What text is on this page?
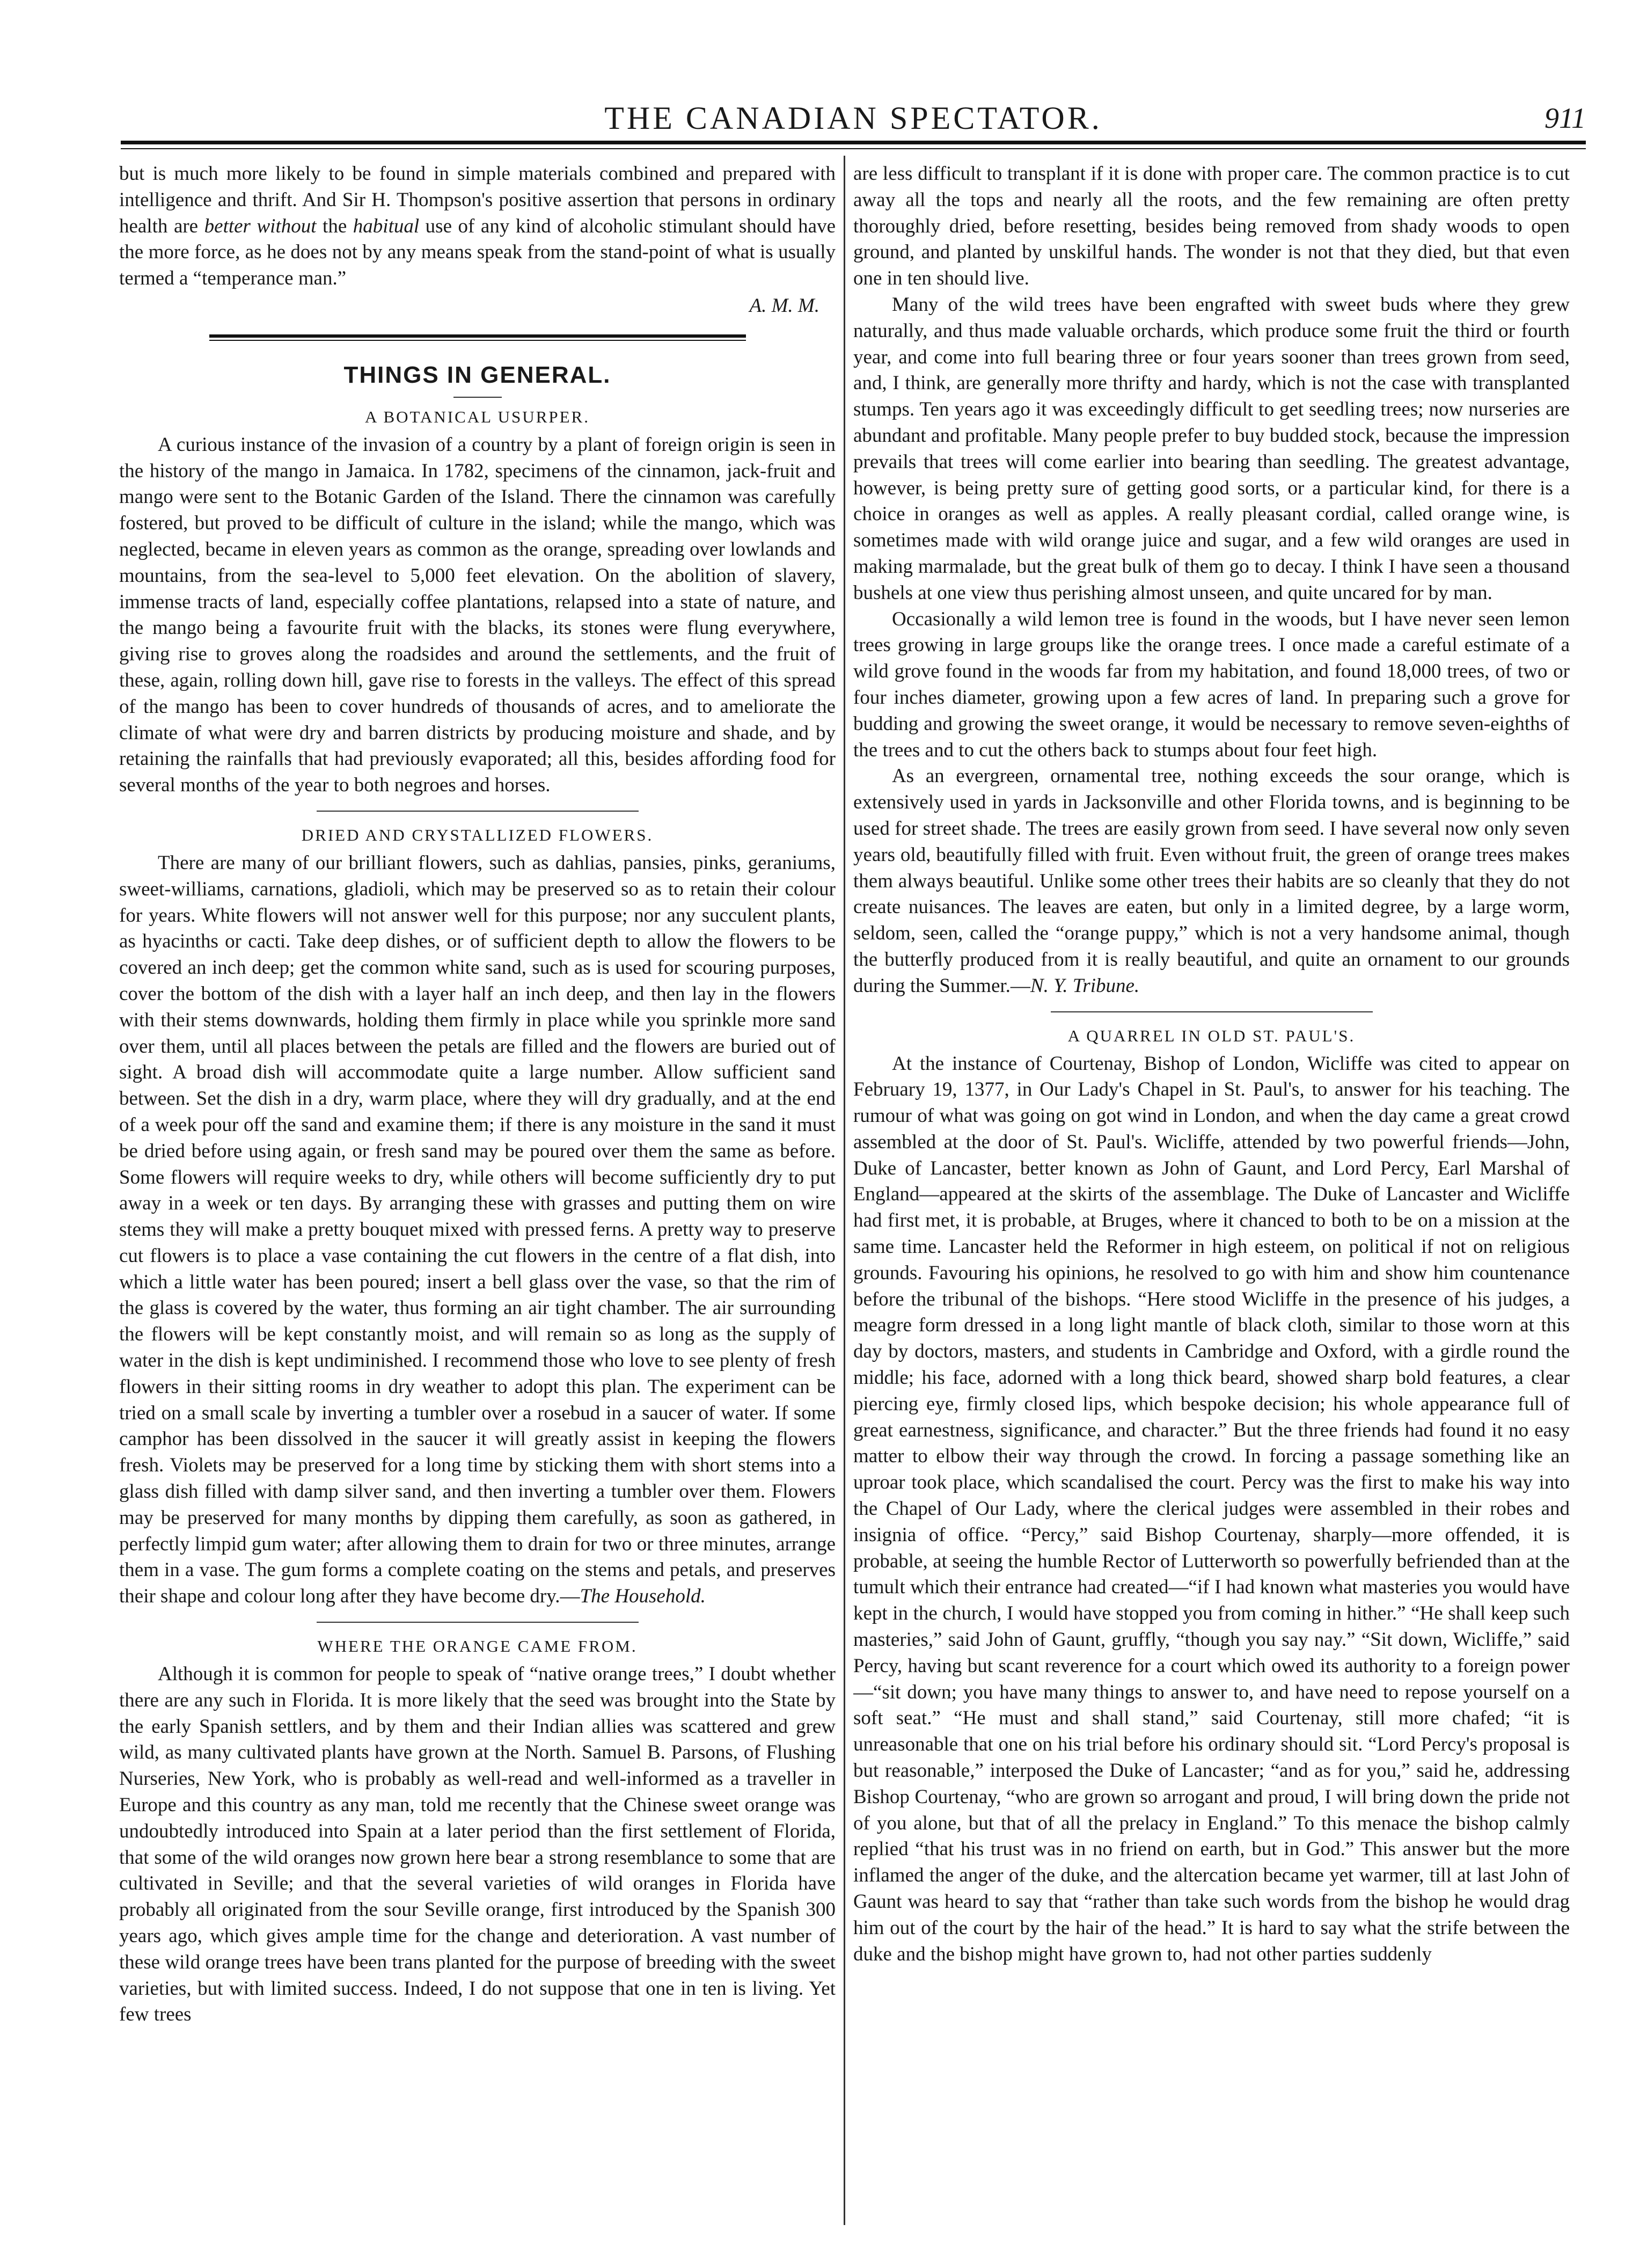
THE CANADIAN SPECTATOR.	911

but is much more likely to be found in simple materials combined and prepared with intelligence and thrift. And Sir H. Thompson's positive assertion that persons in ordinary health are better without the habitual use of any kind of alcoholic stimulant should have the more force, as he does not by any means speak from the stand-point of what is usually termed a “temperance man.”

A. M. M.
THINGS IN GENERAL.
A BOTANICAL USURPER.

A curious instance of the invasion of a country by a plant of foreign origin is seen in the history of the mango in Jamaica. In 1782, specimens of the cinnamon, jack-fruit and mango were sent to the Botanic Garden of the Island. There the cinnamon was carefully fostered, but proved to be difficult of culture in the island; while the mango, which was neglected, became in eleven years as common as the orange, spreading over lowlands and mountains, from the sea-level to 5,000 feet elevation. On the abolition of slavery, immense tracts of land, especially coffee plantations, relapsed into a state of nature, and the mango being a favourite fruit with the blacks, its stones were flung everywhere, giving rise to groves along the roadsides and around the settlements, and the fruit of these, again, rolling down hill, gave rise to forests in the valleys. The effect of this spread of the mango has been to cover hundreds of thousands of acres, and to ameliorate the climate of what were dry and barren districts by producing moisture and shade, and by retaining the rainfalls that had previously evaporated; all this, besides affording food for several months of the year to both negroes and horses.

DRIED AND CRYSTALLIZED FLOWERS.

There are many of our brilliant flowers, such as dahlias, pansies, pinks, geraniums, sweet-williams, carnations, gladioli, which may be preserved so as to retain their colour for years. White flowers will not answer well for this purpose; nor any succulent plants, as hyacinths or cacti. Take deep dishes, or of sufficient depth to allow the flowers to be covered an inch deep; get the common white sand, such as is used for scouring purposes, cover the bottom of the dish with a layer half an inch deep, and then lay in the flowers with their stems downwards, holding them firmly in place while you sprinkle more sand over them, until all places between the petals are filled and the flowers are buried out of sight. A broad dish will accommodate quite a large number. Allow sufficient sand between. Set the dish in a dry, warm place, where they will dry gradually, and at the end of a week pour off the sand and examine them; if there is any moisture in the sand it must be dried before using again, or fresh sand may be poured over them the same as before. Some flowers will require weeks to dry, while others will become sufficiently dry to put away in a week or ten days. By arranging these with grasses and putting them on wire stems they will make a pretty bouquet mixed with pressed ferns. A pretty way to preserve cut flowers is to place a vase containing the cut flowers in the centre of a flat dish, into which a little water has been poured; insert a bell glass over the vase, so that the rim of the glass is covered by the water, thus forming an air tight chamber. The air surrounding the flowers will be kept constantly moist, and will remain so as long as the supply of water in the dish is kept undiminished. I recommend those who love to see plenty of fresh flowers in their sitting rooms in dry weather to adopt this plan. The experiment can be tried on a small scale by inverting a tumbler over a rosebud in a saucer of water. If some camphor has been dissolved in the saucer it will greatly assist in keeping the flowers fresh. Violets may be preserved for a long time by sticking them with short stems into a glass dish filled with damp silver sand, and then inverting a tumbler over them. Flowers may be preserved for many months by dipping them carefully, as soon as gathered, in perfectly limpid gum water; after allowing them to drain for two or three minutes, arrange them in a vase. The gum forms a complete coating on the stems and petals, and preserves their shape and colour long after they have become dry.—The Household.

WHERE THE ORANGE CAME FROM.

Although it is common for people to speak of “native orange trees,” I doubt whether there are any such in Florida. It is more likely that the seed was brought into the State by the early Spanish settlers, and by them and their Indian allies was scattered and grew wild, as many cultivated plants have grown at the North. Samuel B. Parsons, of Flushing Nurseries, New York, who is probably as well-read and well-informed as a traveller in Europe and this country as any man, told me recently that the Chinese sweet orange was undoubtedly introduced into Spain at a later period than the first settlement of Florida, that some of the wild oranges now grown here bear a strong resemblance to some that are cultivated in Seville; and that the several varieties of wild oranges in Florida have probably all originated from the sour Seville orange, first introduced by the Spanish 300 years ago, which gives ample time for the change and deterioration. A vast number of these wild orange trees have been trans planted for the purpose of breeding with the sweet varieties, but with limited success. Indeed, I do not suppose that one in ten is living. Yet few trees

are less difficult to transplant if it is done with proper care. The common practice is to cut away all the tops and nearly all the roots, and the few remaining are often pretty thoroughly dried, before resetting, besides being removed from shady woods to open ground, and planted by unskilful hands. The wonder is not that they died, but that even one in ten should live.

Many of the wild trees have been engrafted with sweet buds where they grew naturally, and thus made valuable orchards, which produce some fruit the third or fourth year, and come into full bearing three or four years sooner than trees grown from seed, and, I think, are generally more thrifty and hardy, which is not the case with transplanted stumps. Ten years ago it was exceedingly difficult to get seedling trees; now nurseries are abundant and profitable. Many people prefer to buy budded stock, because the impression prevails that trees will come earlier into bearing than seedling. The greatest advantage, however, is being pretty sure of getting good sorts, or a particular kind, for there is a choice in oranges as well as apples. A really pleasant cordial, called orange wine, is sometimes made with wild orange juice and sugar, and a few wild oranges are used in making marmalade, but the great bulk of them go to decay. I think I have seen a thousand bushels at one view thus perishing almost unseen, and quite uncared for by man.

Occasionally a wild lemon tree is found in the woods, but I have never seen lemon trees growing in large groups like the orange trees. I once made a careful estimate of a wild grove found in the woods far from my habitation, and found 18,000 trees, of two or four inches diameter, growing upon a few acres of land. In preparing such a grove for budding and growing the sweet orange, it would be necessary to remove seven-eighths of the trees and to cut the others back to stumps about four feet high.

As an evergreen, ornamental tree, nothing exceeds the sour orange, which is extensively used in yards in Jacksonville and other Florida towns, and is beginning to be used for street shade. The trees are easily grown from seed. I have several now only seven years old, beautifully filled with fruit. Even without fruit, the green of orange trees makes them always beautiful. Unlike some other trees their habits are so cleanly that they do not create nuisances. The leaves are eaten, but only in a limited degree, by a large worm, seldom, seen, called the “orange puppy,” which is not a very handsome animal, though the butterfly produced from it is really beautiful, and quite an ornament to our grounds during the Summer.—N. Y. Tribune.

A QUARREL IN OLD ST. PAUL'S.

At the instance of Courtenay, Bishop of London, Wicliffe was cited to appear on February 19, 1377, in Our Lady's Chapel in St. Paul's, to answer for his teaching. The rumour of what was going on got wind in London, and when the day came a great crowd assembled at the door of St. Paul's. Wicliffe, attended by two powerful friends—John, Duke of Lancaster, better known as John of Gaunt, and Lord Percy, Earl Marshal of England—appeared at the skirts of the assemblage. The Duke of Lancaster and Wicliffe had first met, it is probable, at Bruges, where it chanced to both to be on a mission at the same time. Lancaster held the Reformer in high esteem, on political if not on religious grounds. Favouring his opinions, he resolved to go with him and show him countenance before the tribunal of the bishops. “Here stood Wicliffe in the presence of his judges, a meagre form dressed in a long light mantle of black cloth, similar to those worn at this day by doctors, masters, and students in Cambridge and Oxford, with a girdle round the middle; his face, adorned with a long thick beard, showed sharp bold features, a clear piercing eye, firmly closed lips, which bespoke decision; his whole appearance full of great earnestness, significance, and character.” But the three friends had found it no easy matter to elbow their way through the crowd. In forcing a passage something like an uproar took place, which scandalised the court. Percy was the first to make his way into the Chapel of Our Lady, where the clerical judges were assembled in their robes and insignia of office. “Percy,” said Bishop Courtenay, sharply—more offended, it is probable, at seeing the humble Rector of Lutterworth so powerfully befriended than at the tumult which their entrance had created—“if I had known what masteries you would have kept in the church, I would have stopped you from coming in hither.” “He shall keep such masteries,” said John of Gaunt, gruffly, “though you say nay.” “Sit down, Wicliffe,” said Percy, having but scant reverence for a court which owed its authority to a foreign power—“sit down; you have many things to answer to, and have need to repose yourself on a soft seat.” “He must and shall stand,” said Courtenay, still more chafed; “it is unreasonable that one on his trial before his ordinary should sit. “Lord Percy's proposal is but reasonable,” interposed the Duke of Lancaster; “and as for you,” said he, addressing Bishop Courtenay, “who are grown so arrogant and proud, I will bring down the pride not of you alone, but that of all the prelacy in England.” To this menace the bishop calmly replied “that his trust was in no friend on earth, but in God.” This answer but the more inflamed the anger of the duke, and the altercation became yet warmer, till at last John of Gaunt was heard to say that “rather than take such words from the bishop he would drag him out of the court by the hair of the head.” It is hard to say what the strife between the duke and the bishop might have grown to, had not other parties suddenly
